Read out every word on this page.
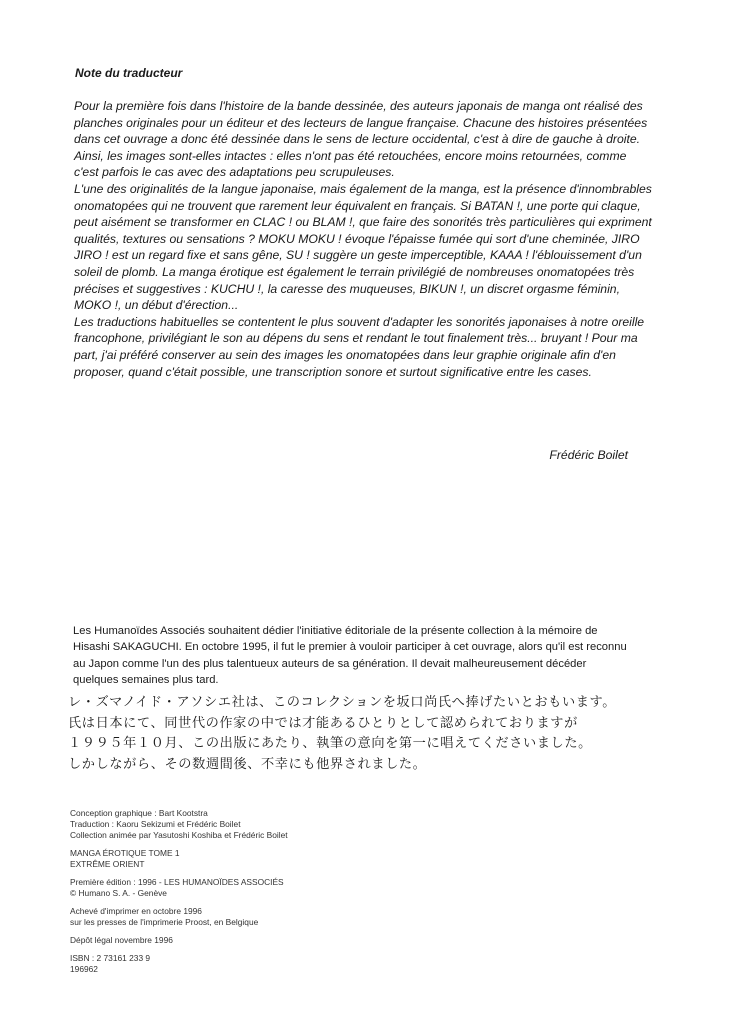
Note du traducteur

Pour la première fois dans l'histoire de la bande dessinée, des auteurs japonais de manga ont réalisé des planches originales pour un éditeur et des lecteurs de langue française. Chacune des histoires présentées dans cet ouvrage a donc été dessinée dans le sens de lecture occidental, c'est à dire de gauche à droite. Ainsi, les images sont-elles intactes : elles n'ont pas été retouchées, encore moins retournées, comme c'est parfois le cas avec des adaptations peu scrupuleuses.

L'une des originalités de la langue japonaise, mais également de la manga, est la présence d'innombrables onomatopées qui ne trouvent que rarement leur équivalent en français. Si BATAN !, une porte qui claque, peut aisément se transformer en CLAC ! ou BLAM !, que faire des sonorités très particulières qui expriment qualités, textures ou sensations ? MOKU MOKU ! évoque l'épaisse fumée qui sort d'une cheminée, JIRO JIRO ! est un regard fixe et sans gêne, SU ! suggère un geste imperceptible, KAAA ! l'éblouissement d'un soleil de plomb. La manga érotique est également le terrain privilégié de nombreuses onomatopées très précises et suggestives : KUCHU !, la caresse des muqueuses, BIKUN !, un discret orgasme féminin, MOKO !, un début d'érection...

Les traductions habituelles se contentent le plus souvent d'adapter les sonorités japonaises à notre oreille francophone, privilégiant le son au dépens du sens et rendant le tout finalement très... bruyant ! Pour ma part, j'ai préféré conserver au sein des images les onomatopées dans leur graphie originale afin d'en proposer, quand c'était possible, une transcription sonore et surtout significative entre les cases.

Frédéric Boilet
Les Humanoïdes Associés souhaitent dédier l'initiative éditoriale de la présente collection à la mémoire de Hisashi SAKAGUCHI. En octobre 1995, il fut le premier à vouloir participer à cet ouvrage, alors qu'il est reconnu au Japon comme l'un des plus talentueux auteurs de sa génération. Il devait malheureusement décéder quelques semaines plus tard.
レ・ズマノイド・アソシエ社は、このコレクションを坂口尚氏へ捧げたいとおもいます。
氏は日本にて、同世代の作家の中では才能あるひとりとして認められておりますが
１９９５年１０月、この出版にあたり、執筆の意向を第一に唱えてくださいました。
しかしながら、その数週間後、不幸にも他界されました。
Conception graphique : Bart Kootstra
Traduction : Kaoru Sekizumi et Frédéric Boilet
Collection animée par Yasutoshi Koshiba et Frédéric Boilet
MANGA ÉROTIQUE TOME 1
EXTRÊME ORIENT
Première édition : 1996 - LES HUMANOÏDES ASSOCIÉS
© Humano S. A. - Genève
Achevé d'imprimer en octobre 1996
sur les presses de l'imprimerie Proost, en Belgique
Dépôt légal novembre 1996
ISBN : 2 73161 233 9
196962
